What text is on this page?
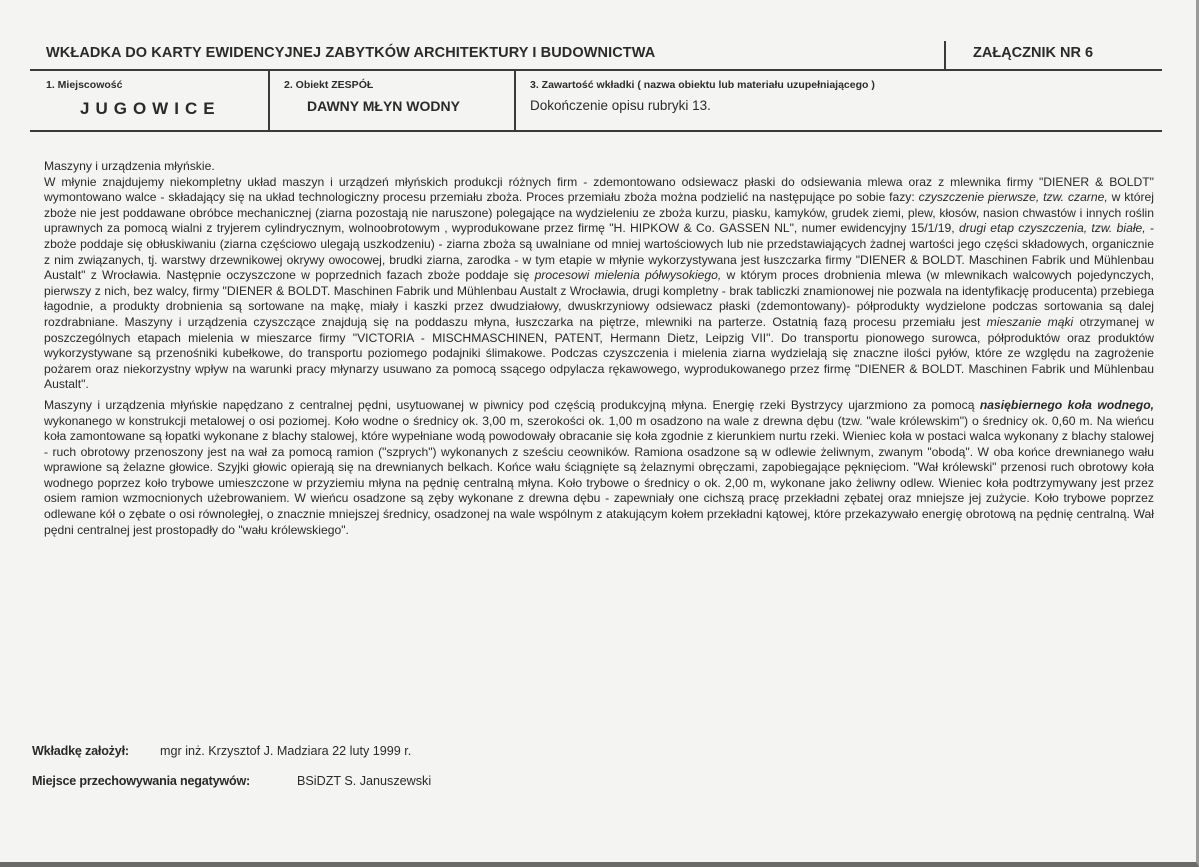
WKŁADKA DO KARTY EWIDENCYJNEJ ZABYTKÓW ARCHITEKTURY I BUDOWNICTWA	ZAŁĄCZNIK NR 6
1. Miejscowość
JUGOWICE
2. Obiekt ZESPÓŁ
DAWNY MŁYN WODNY
3. Zawartość wkładki ( nazwa obiektu lub materiału uzupełniającego )
Dokończenie opisu rubryki 13.

Maszyny i urządzenia młyńskie.
W młynie znajdujemy niekompletny układ maszyn i urządzeń młyńskich produkcji różnych firm - zdemontowano odsiewacz płaski do odsiewania mlewa oraz z mlewnika firmy "DIENER & BOLDT" wymontowano walce - składający się na układ technologiczny procesu przemiału zboża. Proces przemiału zboża można podzielić na następujące po sobie fazy: czyszczenie pierwsze, tzw. czarne, w której zboże nie jest poddawane obróbce mechanicznej (ziarna pozostają nie naruszone) polegające na wydzieleniu ze zboża kurzu, piasku, kamyków, grudek ziemi, plew, kłosów, nasion chwastów i innych roślin uprawnych za pomocą wialni z tryjerem cylindrycznym, wolnoobrotowym , wyprodukowane przez firmę "H. HIPKOW & Co. GASSEN NL", numer ewidencyjny 15/1/19, drugi etap czyszczenia, tzw. białe, - zboże poddaje się obłuskiwaniu (ziarna częściowo ulegają uszkodzeniu) - ziarna zboża są uwalniane od mniej wartościowych lub nie przedstawiających żadnej wartości jego części składowych, organicznie z nim związanych, tj. warstwy drzewnikowej okrywy owocowej, brudki ziarna, zarodka - w tym etapie w młynie wykorzystywana jest łuszczarka firmy "DIENER & BOLDT. Maschinen Fabrik und Mühlenbau Austalt" z Wrocławia. Następnie oczyszczone w poprzednich fazach zboże poddaje się procesowi mielenia półwysokiego, w którym proces drobnienia mlewa (w mlewnikach walcowych pojedynczych, pierwszy z nich, bez walcy, firmy "DIENER & BOLDT. Maschinen Fabrik und Mühlenbau Austalt z Wrocławia, drugi kompletny - brak tabliczki znamionowej nie pozwala na identyfikację producenta) przebiega łagodnie, a produkty drobnienia są sortowane na mąkę, miały i kaszki przez dwudziałowy, dwuskrzyniowy odsiewacz płaski (zdemontowany)- półprodukty wydzielone podczas sortowania są dalej rozdrabniane. Maszyny i urządzenia czyszczące znajdują się na poddaszu młyna, łuszczarka na piętrze, mlewniki na parterze. Ostatnią fazą procesu przemiału jest mieszanie mąki otrzymanej w poszczególnych etapach mielenia w mieszarce firmy "VICTORIA - MISCHMASCHINEN, PATENT, Hermann Dietz, Leipzig VII". Do transportu pionowego surowca, półproduktów oraz produktów wykorzystywane są przenośniki kubełkowe, do transportu poziomego podajniki ślimakowe. Podczas czyszczenia i mielenia ziarna wydzielają się znaczne ilości pyłów, które ze względu na zagrożenie pożarem oraz niekorzystny wpływ na warunki pracy młynarzy usuwano za pomocą ssącego odpylacza rękawowego, wyprodukowanego przez firmę "DIENER & BOLDT. Maschinen Fabrik und Mühlenbau Austalt".

Maszyny i urządzenia młyńskie napędzano z centralnej pędni, usytuowanej w piwnicy pod częścią produkcyjną młyna. Energię rzeki Bystrzycy ujarzmiono za pomocą nasiębiernego koła wodnego, wykonanego w konstrukcji metalowej o osi poziomej. Koło wodne o średnicy ok. 3,00 m, szerokości ok. 1,00 m osadzono na wale z drewna dębu (tzw. "wale królewskim") o średnicy ok. 0,60 m. Na wieńcu koła zamontowane są łopatki wykonane z blachy stalowej, które wypełniane wodą powodowały obracanie się koła zgodnie z kierunkiem nurtu rzeki. Wieniec koła w postaci walca wykonany z blachy stalowej - ruch obrotowy przenoszony jest na wał za pomocą ramion ("szprych") wykonanych z sześciu ceowników. Ramiona osadzone są w odlewie żeliwnym, zwanym "obodą". W oba końce drewnianego wału wprawione są żelazne głowice. Szyjki głowic opierają się na drewnianych belkach. Końce wału ściągnięte są żelaznymi obręczami, zapobiegające pęknięciom. "Wał królewski" przenosi ruch obrotowy koła wodnego poprzez koło trybowe umieszczone w przyziemiu młyna na pędnię centralną młyna. Koło trybowe o średnicy o ok. 2,00 m, wykonane jako żeliwny odlew. Wieniec koła podtrzymywany jest przez osiem ramion wzmocnionych użebrowaniem. W wieńcu osadzone są zęby wykonane z drewna dębu - zapewniały one cichszą pracę przekładni zębatej oraz mniejsze jej zużycie. Koło trybowe poprzez odlewane kół o zębate o osi równoległej, o znacznie mniejszej średnicy, osadzonej na wale wspólnym z atakującym kołem przekładni kątowej, które przekazywało energię obrotową na pędnię centralną. Wał pędni centralnej jest prostopadły do "wału królewskiego".

Wkładkę założył: mgr inż. Krzysztof J. Madziara 22 luty 1999 r.
Miejsce przechowywania negatywów:	BSiDZT S. Januszewski
